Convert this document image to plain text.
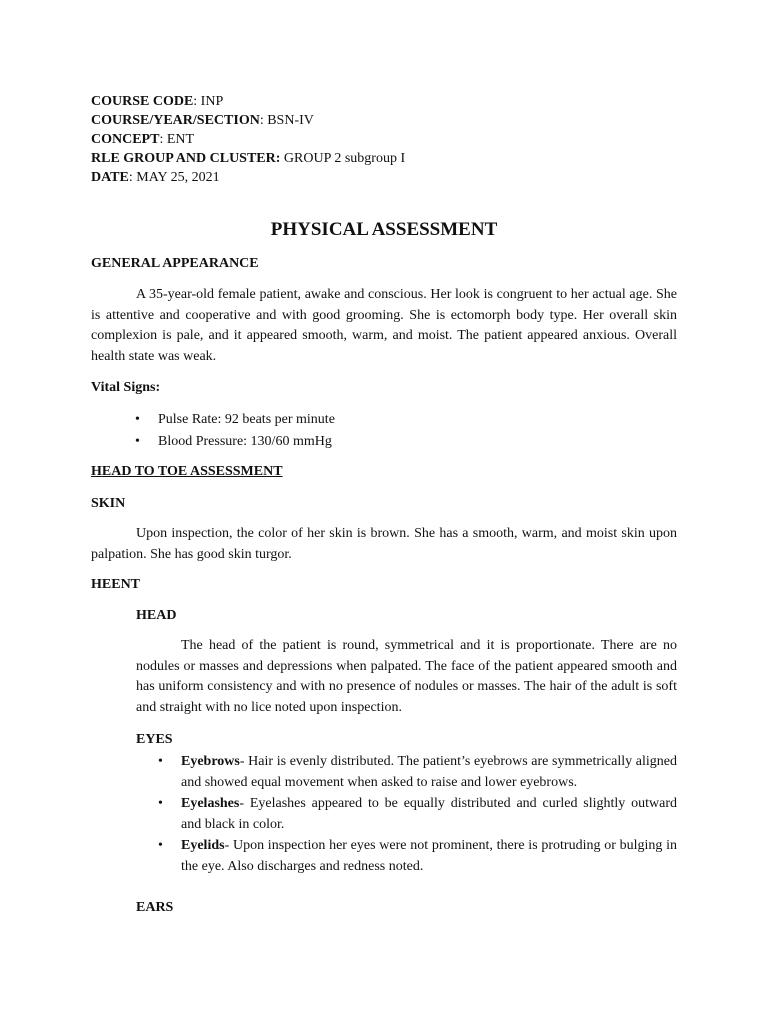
COURSE CODE: INP
COURSE/YEAR/SECTION: BSN-IV
CONCEPT: ENT
RLE GROUP AND CLUSTER: GROUP 2 subgroup I
DATE: MAY 25, 2021
PHYSICAL ASSESSMENT
GENERAL APPEARANCE

A 35-year-old female patient, awake and conscious. Her look is congruent to her actual age. She is attentive and cooperative and with good grooming. She is ectomorph body type. Her overall skin complexion is pale, and it appeared smooth, warm, and moist. The patient appeared anxious. Overall health state was weak.

Vital Signs:
• Pulse Rate: 92 beats per minute
• Blood Pressure: 130/60 mmHg
HEAD TO TOE ASSESSMENT
SKIN

Upon inspection, the color of her skin is brown. She has a smooth, warm, and moist skin upon palpation. She has good skin turgor.

HEENT
HEAD

The head of the patient is round, symmetrical and it is proportionate. There are no nodules or masses and depressions when palpated. The face of the patient appeared smooth and has uniform consistency and with no presence of nodules or masses. The hair of the adult is soft and straight with no lice noted upon inspection.

EYES
• Eyebrows- Hair is evenly distributed. The patient’s eyebrows are symmetrically aligned and showed equal movement when asked to raise and lower eyebrows.
• Eyelashes- Eyelashes appeared to be equally distributed and curled slightly outward and black in color.
• Eyelids- Upon inspection her eyes were not prominent, there is protruding or bulging in the eye. Also discharges and redness noted.
EARS
